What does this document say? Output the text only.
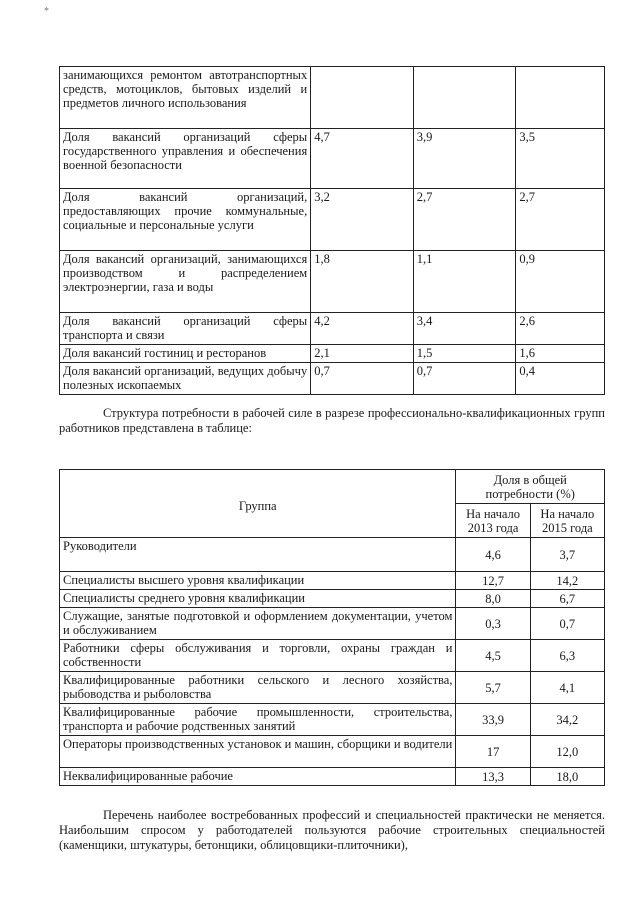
*
занимающихся ремонтом автотранспортных средств, мотоциклов, бытовых изделий и предметов личного использования			
Доля вакансий организаций сферы государственного управления и обеспечения военной безопасности	4,7	3,9	3,5
Доля вакансий организаций, предоставляющих прочие коммунальные, социальные и персональные услуги	3,2	2,7	2,7
Доля вакансий организаций, занимающихся производством и распределением электроэнергии, газа и воды	1,8	1,1	0,9
Доля вакансий организаций сферы транспорта и связи	4,2	3,4	2,6
Доля вакансий гостиниц и ресторанов	2,1	1,5	1,6
Доля вакансий организаций, ведущих добычу полезных ископаемых	0,7	0,7	0,4

Структура потребности в рабочей силе в разрезе профессионально-квалификационных групп работников представлена в таблице:

Группа	Доля в общей потребности (%)	
	На начало 2013 года	На начало 2015 года
Руководители	4,6	3,7
Специалисты высшего уровня квалификации	12,7	14,2
Специалисты среднего уровня квалификации	8,0	6,7
Служащие, занятые подготовкой и оформлением документации, учетом и обслуживанием	0,3	0,7
Работники сферы обслуживания и торговли, охраны граждан и собственности	4,5	6,3
Квалифицированные работники сельского и лесного хозяйства, рыбоводства и рыболовства	5,7	4,1
Квалифицированные рабочие промышленности, строительства, транспорта и рабочие родственных занятий	33,9	34,2
Операторы производственных установок и машин, сборщики и водители	17	12,0
Неквалифицированные рабочие	13,3	18,0

Перечень наиболее востребованных профессий и специальностей практически не меняется. Наибольшим спросом у работодателей пользуются рабочие строительных специальностей (каменщики, штукатуры, бетонщики, облицовщики-плиточники),
